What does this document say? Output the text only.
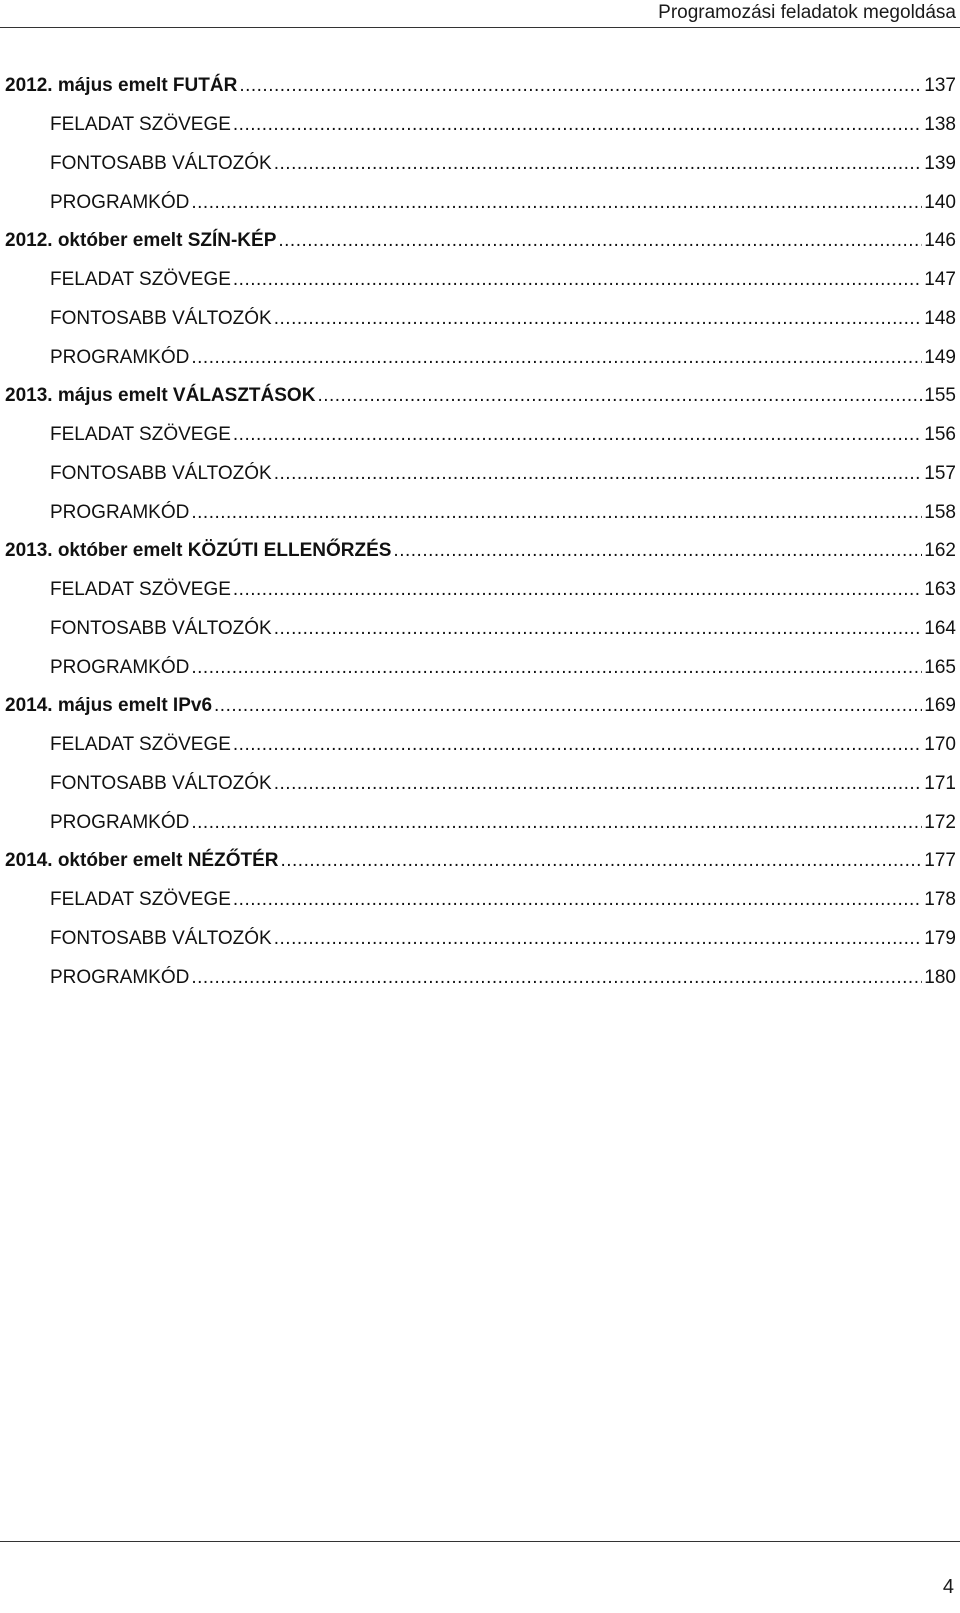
Programozási feladatok megoldása
2012. május emelt FUTÁR .....	137
FELADAT SZÖVEGE .....	138
FONTOSABB VÁLTOZÓK .....	139
PROGRAMKÓD .....	140
2012. október emelt SZÍN-KÉP .....	146
FELADAT SZÖVEGE .....	147
FONTOSABB VÁLTOZÓK .....	148
PROGRAMKÓD .....	149
2013. május emelt VÁLASZTÁSOK .....	155
FELADAT SZÖVEGE .....	156
FONTOSABB VÁLTOZÓK .....	157
PROGRAMKÓD .....	158
2013. október emelt KÖZÚTI ELLENŐRZÉS .....	162
FELADAT SZÖVEGE .....	163
FONTOSABB VÁLTOZÓK .....	164
PROGRAMKÓD .....	165
2014. május emelt IPv6 .....	169
FELADAT SZÖVEGE .....	170
FONTOSABB VÁLTOZÓK .....	171
PROGRAMKÓD .....	172
2014. október emelt NÉZŐTÉR .....	177
FELADAT SZÖVEGE .....	178
FONTOSABB VÁLTOZÓK .....	179
PROGRAMKÓD .....	180
4
